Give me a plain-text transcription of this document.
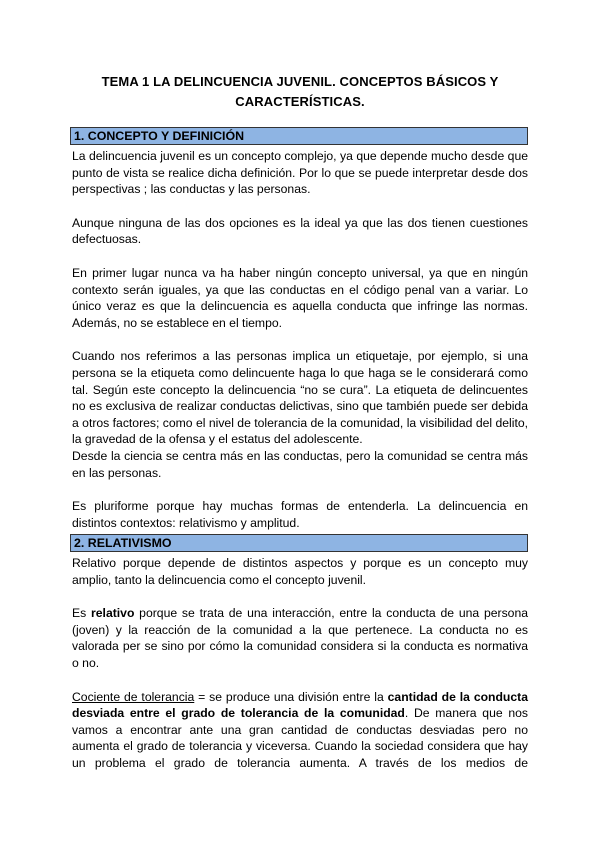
TEMA 1 LA DELINCUENCIA JUVENIL. CONCEPTOS BÁSICOS Y
CARACTERÍSTICAS.
1. CONCEPTO Y DEFINICIÓN

La delincuencia juvenil es un concepto complejo, ya que depende mucho desde que punto de vista se realice dicha definición. Por lo que se puede interpretar desde dos perspectivas ; las conductas y las personas.

Aunque ninguna de las dos opciones es la ideal ya que las dos tienen cuestiones defectuosas.

En primer lugar nunca va ha haber ningún concepto universal, ya que en ningún contexto serán iguales, ya que las conductas en el código penal van a variar. Lo único veraz es que la delincuencia es aquella conducta que infringe las normas. Además, no se establece en el tiempo.

Cuando nos referimos a las personas implica un etiquetaje, por ejemplo, si una persona se la etiqueta como delincuente haga lo que haga se le considerará como tal. Según este concepto la delincuencia “no se cura”. La etiqueta de delincuentes no es exclusiva de realizar conductas delictivas, sino que también puede ser debida a otros factores; como el nivel de tolerancia de la comunidad, la visibilidad del delito, la gravedad de la ofensa y el estatus del adolescente.

Desde la ciencia se centra más en las conductas, pero la comunidad se centra más en las personas.

Es pluriforme porque hay muchas formas de entenderla. La delincuencia en distintos contextos: relativismo y amplitud.

2. RELATIVISMO

Relativo porque depende de distintos aspectos y porque es un concepto muy amplio, tanto la delincuencia como el concepto juvenil.

Es relativo porque se trata de una interacción, entre la conducta de una persona (joven) y la reacción de la comunidad a la que pertenece. La conducta no es valorada per se sino por cómo la comunidad considera si la conducta es normativa o no.

Cociente de tolerancia = se produce una división entre la cantidad de la conducta desviada entre el grado de tolerancia de la comunidad. De manera que nos vamos a encontrar ante una gran cantidad de conductas desviadas pero no aumenta el grado de tolerancia y viceversa. Cuando la sociedad considera que hay un problema el grado de tolerancia aumenta. A través de los medios de
